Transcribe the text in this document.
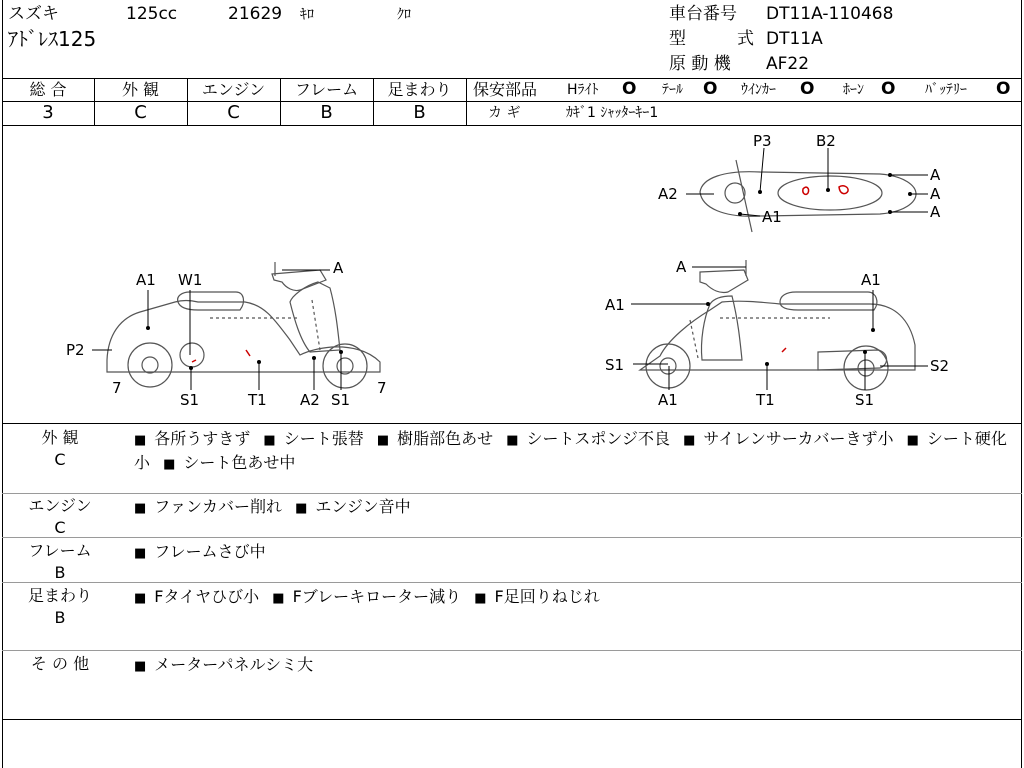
スズキ	125cc	21629 ｷﾛ	ｸﾛ
ｱﾄﾞﾚｽ125
車台番号 DT11A-110468
型	式 DT11A
原 動 機 AF22
総 合	外 観	エンジン	フレーム	足まわり
3	C	C	B	B
保安部品 Hﾗｲﾄ O ﾃｰﾙ O ｳｲﾝｶｰ O ﾎｰﾝ O ﾊﾞｯﾃﾘｰ O
カ ギ	ｶｷﾞ1 ｼｬｯﾀｰｷｰ1
A1 W1
A
P2
7
S1	T1 A2 S1
7
A
A1
A1
S1
A1	T1	S1
S2
P3	B2
A2
A1
A
A
A
外 観
C
■ 各所うすきず ■ シート張替 ■ 樹脂部色あせ ■ シートスポンジ不良 ■ サイレンサーカバーきず小 ■ シート硬化小 ■ シート色あせ中
エンジン
C
■ ファンカバー削れ ■ エンジン音中
フレーム
B
■ フレームさび中
足まわり
B
■ Fタイヤひび小 ■ Fブレーキローター減り ■ F足回りねじれ
そ の 他	■ メーターパネルシミ大
